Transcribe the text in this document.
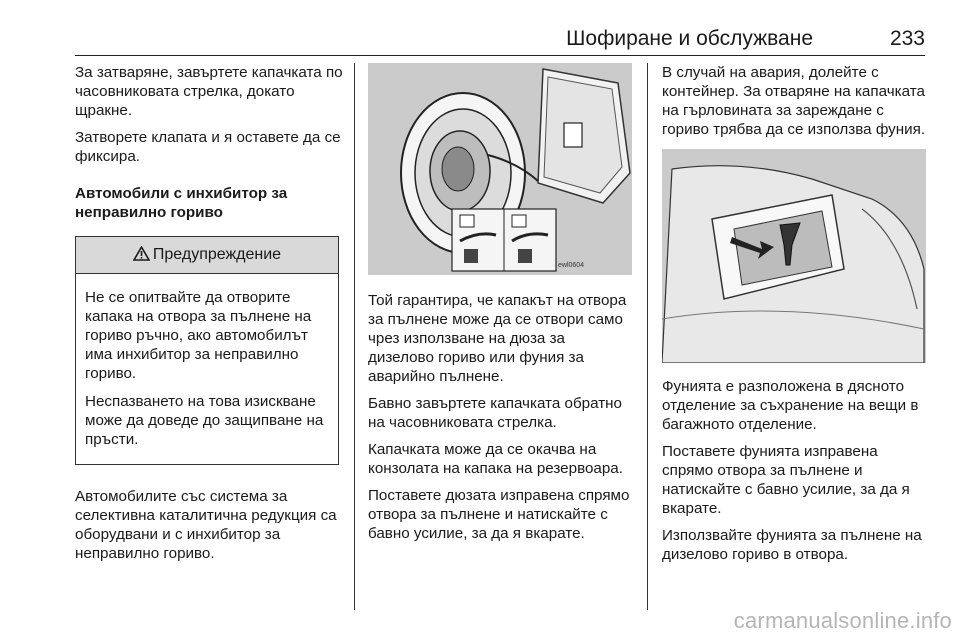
Шофиране и обслужване	233

За затваряне, завъртете капачката по часовниковата стрелка, докато щракне.

Затворете клапата и я оставете да се фиксира.

Автомобили с инхибитор за неправилно гориво

Предупреждение

Не се опитвайте да отворите капака на отвора за пълнене на гориво ръчно, ако автомобилът има инхибитор за неправилно гориво.

Неспазването на това изискване може да доведе до защипване на пръсти.

Автомобилите със система за селективна каталитична редукция са оборудвани и с инхибитор за неправилно гориво.

ewl0604

Той гарантира, че капакът на отвора за пълнене може да се отвори само чрез използване на дюза за дизелово гориво или фуния за аварийно пълнене.

Бавно завъртете капачката обратно на часовниковата стрелка.

Капачката може да се окачва на конзолата на капака на резервоара.

Поставете дюзата изправена спрямо отвора за пълнене и натискайте с бавно усилие, за да я вкарате.

В случай на авария, долейте с контейнер. За отваряне на капачката на гърловината за зареждане с гориво трябва да се използва фуния.

Фунията е разположена в дясното отделение за съхранение на вещи в багажното отделение.

Поставете фунията изправена спрямо отвора за пълнене и натискайте с бавно усилие, за да я вкарате.

Използвайте фунията за пълнене на дизелово гориво в отвора.

carmanualsonline.info
